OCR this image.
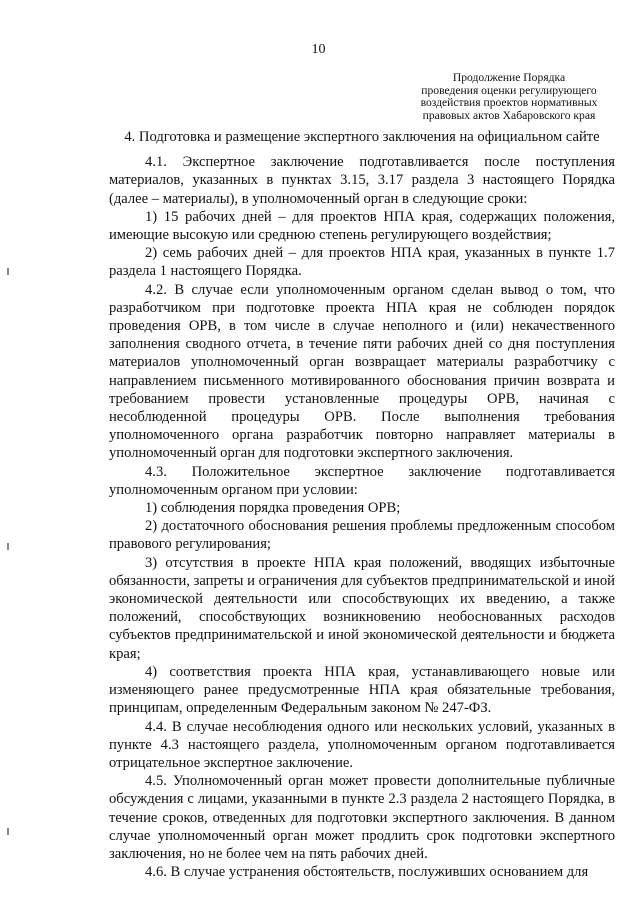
10
Продолжение Порядка
проведения оценки регулирующего
воздействия проектов нормативных
правовых актов Хабаровского края
4. Подготовка и размещение экспертного заключения на официальном сайте

4.1. Экспертное заключение подготавливается после поступления материалов, указанных в пунктах 3.15, 3.17 раздела 3 настоящего Порядка (далее – материалы), в уполномоченный орган в следующие сроки:

1) 15 рабочих дней – для проектов НПА края, содержащих положения, имеющие высокую или среднюю степень регулирующего воздействия;

2) семь рабочих дней – для проектов НПА края, указанных в пункте 1.7 раздела 1 настоящего Порядка.

4.2. В случае если уполномоченным органом сделан вывод о том, что разработчиком при подготовке проекта НПА края не соблюден порядок проведения ОРВ, в том числе в случае неполного и (или) некачественного заполнения сводного отчета, в течение пяти рабочих дней со дня поступления материалов уполномоченный орган возвращает материалы разработчику с направлением письменного мотивированного обоснования причин возврата и требованием провести установленные процедуры ОРВ, начиная с несоблюденной процедуры ОРВ. После выполнения требования уполномоченного органа разработчик повторно направляет материалы в уполномоченный орган для подготовки экспертного заключения.

4.3. Положительное экспертное заключение подготавливается уполномоченным органом при условии:

1) соблюдения порядка проведения ОРВ;

2) достаточного обоснования решения проблемы предложенным способом правового регулирования;

3) отсутствия в проекте НПА края положений, вводящих избыточные обязанности, запреты и ограничения для субъектов предпринимательской и иной экономической деятельности или способствующих их введению, а также положений, способствующих возникновению необоснованных расходов субъектов предпринимательской и иной экономической деятельности и бюджета края;

4) соответствия проекта НПА края, устанавливающего новые или изменяющего ранее предусмотренные НПА края обязательные требования, принципам, определенным Федеральным законом № 247-ФЗ.

4.4. В случае несоблюдения одного или нескольких условий, указанных в пункте 4.3 настоящего раздела, уполномоченным органом подготавливается отрицательное экспертное заключение.

4.5. Уполномоченный орган может провести дополнительные публичные обсуждения с лицами, указанными в пункте 2.3 раздела 2 настоящего Порядка, в течение сроков, отведенных для подготовки экспертного заключения. В данном случае уполномоченный орган может продлить срок подготовки экспертного заключения, но не более чем на пять рабочих дней.

4.6. В случае устранения обстоятельств, послуживших основанием для
